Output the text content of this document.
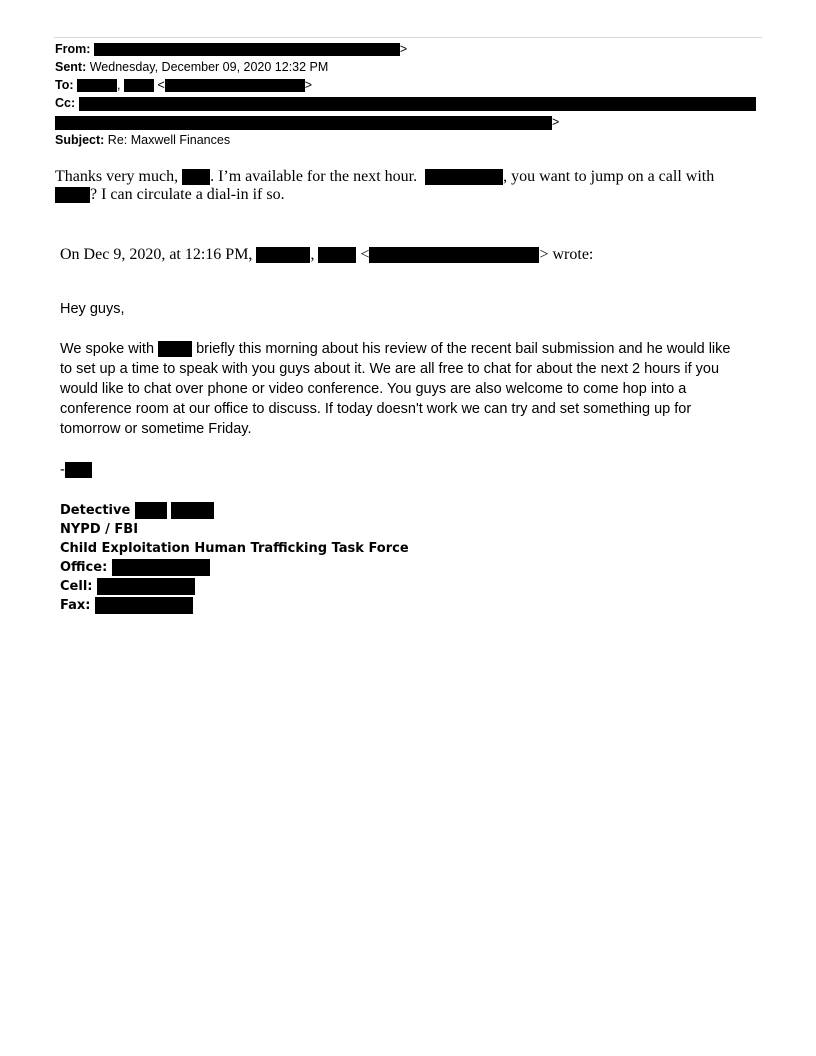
From:	>
Sent: Wednesday, December 09, 2020 12:32 PM
To:	,	<	>
Cc:
>
Subject: Re: Maxwell Finances
Thanks very much, . I’m available for the next hour.	, you want to jump on a call with
? I can circulate a dial-in if so.
On Dec 9, 2020, at 12:16 PM,	,	<	> wrote:
Hey guys,
We spoke with	briefly this morning about his review of the recent bail submission and he would like
to set up a time to speak with you guys about it. We are all free to chat for about the next 2 hours if you
would like to chat over phone or video conference. You guys are also welcome to come hop into a
conference room at our office to discuss. If today doesn't work we can try and set something up for
tomorrow or sometime Friday.
-
Detective
NYPD / FBI
Child Exploitation Human Trafficking Task Force
Office:
Cell:
Fax:
